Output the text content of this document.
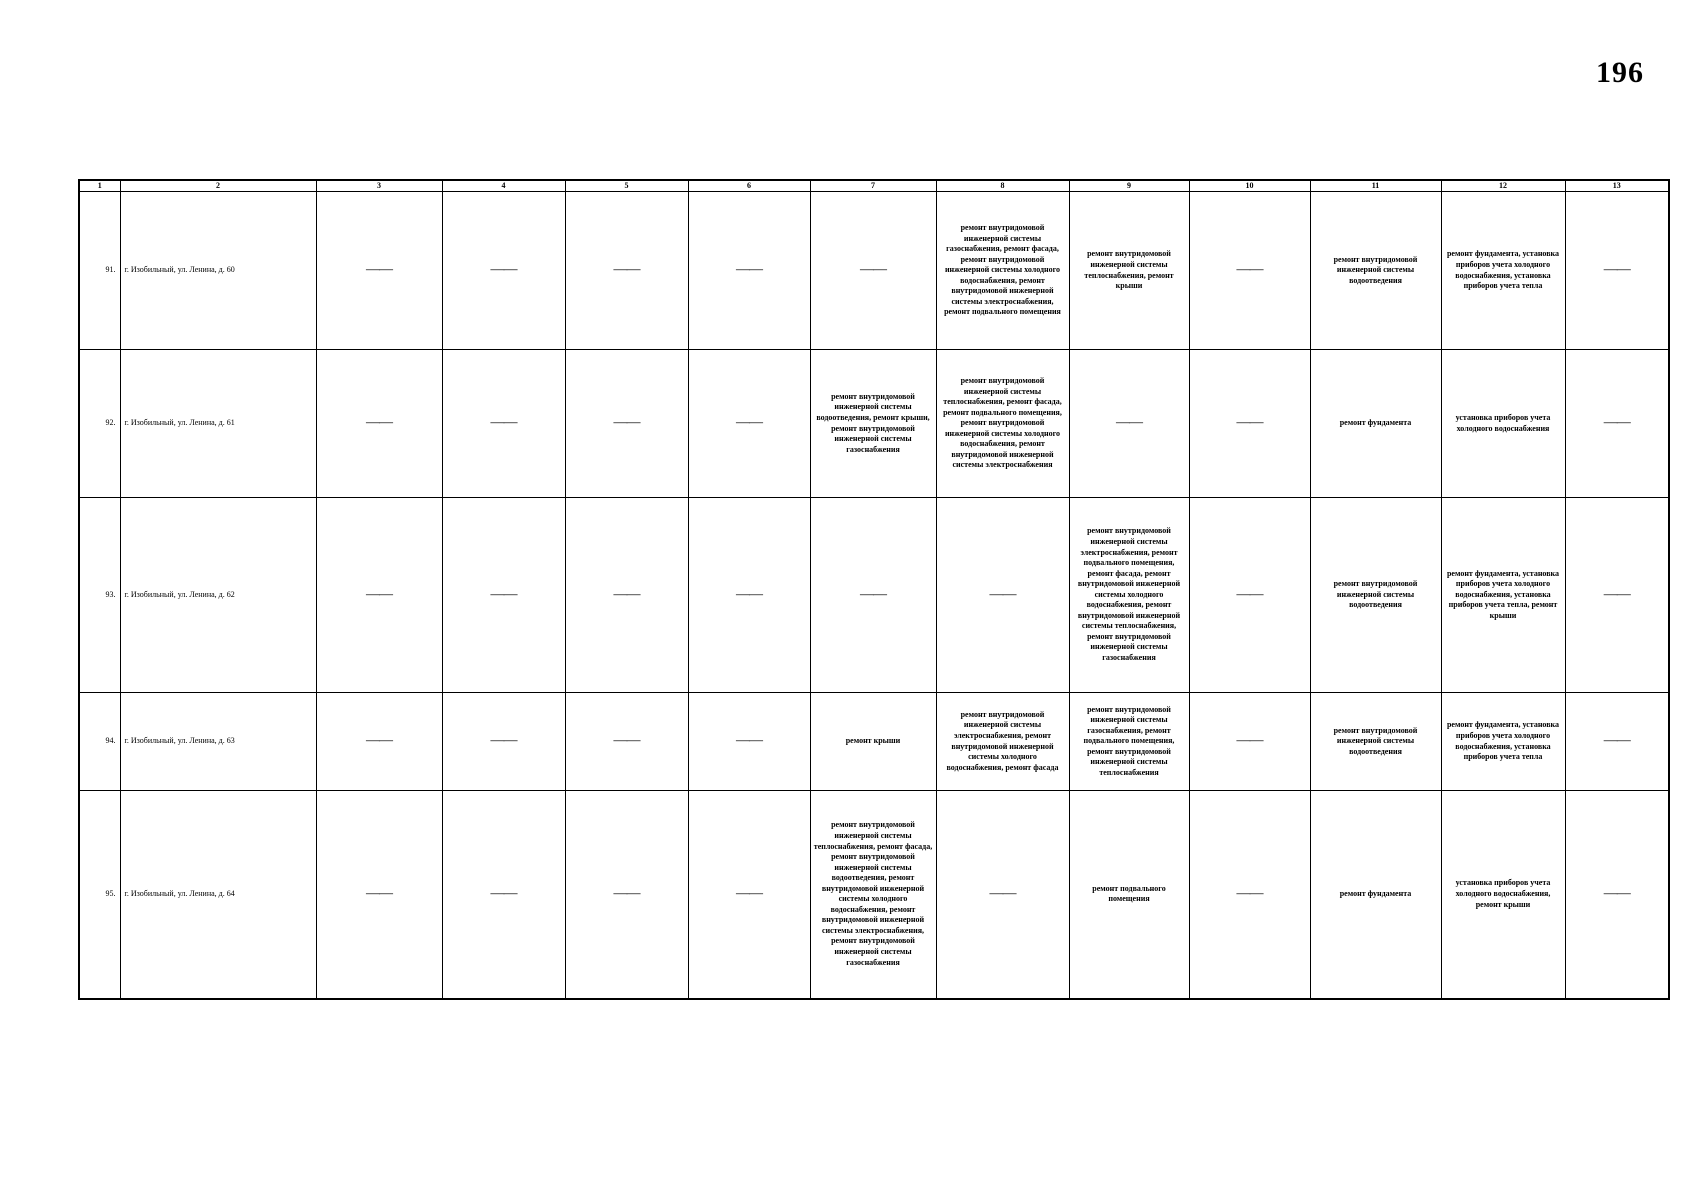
196
1	2	3	4	5	6	7	8	9	10	11	12	13
91.	г. Изобильный, ул. Ленина, д. 60	——	——	——	——	——	ремонт внутридомовой инженерной системы газоснабжения, ремонт фасада, ремонт внутридомовой инженерной системы холодного водоснабжения, ремонт внутридомовой инженерной системы электроснабжения, ремонт подвального помещения	ремонт внутридомовой инженерной системы теплоснабжения, ремонт крыши	——	ремонт внутридомовой инженерной системы водоотведения	ремонт фундамента, установка приборов учета холодного водоснабжения, установка приборов учета тепла	——
92.	г. Изобильный, ул. Ленина, д. 61	——	——	——	——	ремонт внутридомовой инженерной системы водоотведения, ремонт крыши, ремонт внутридомовой инженерной системы газоснабжения	ремонт внутридомовой инженерной системы теплоснабжения, ремонт фасада, ремонт подвального помещения, ремонт внутридомовой инженерной системы холодного водоснабжения, ремонт внутридомовой инженерной системы электроснабжения	——	——	ремонт фундамента	установка приборов учета холодного водоснабжения	——
93.	г. Изобильный, ул. Ленина, д. 62	——	——	——	——	——	——	ремонт внутридомовой инженерной системы электроснабжения, ремонт подвального помещения, ремонт фасада, ремонт внутридомовой инженерной системы холодного водоснабжения, ремонт внутридомовой инженерной системы теплоснабжения, ремонт внутридомовой инженерной системы газоснабжения	——	ремонт внутридомовой инженерной системы водоотведения	ремонт фундамента, установка приборов учета холодного водоснабжения, установка приборов учета тепла, ремонт крыши	——
94.	г. Изобильный, ул. Ленина, д. 63	——	——	——	——	ремонт крыши	ремонт внутридомовой инженерной системы электроснабжения, ремонт внутридомовой инженерной системы холодного водоснабжения, ремонт фасада	ремонт внутридомовой инженерной системы газоснабжения, ремонт подвального помещения, ремонт внутридомовой инженерной системы теплоснабжения	——	ремонт внутридомовой инженерной системы водоотведения	ремонт фундамента, установка приборов учета холодного водоснабжения, установка приборов учета тепла	——
95.	г. Изобильный, ул. Ленина, д. 64	——	——	——	——	ремонт внутридомовой инженерной системы теплоснабжения, ремонт фасада, ремонт внутридомовой инженерной системы водоотведения, ремонт внутридомовой инженерной системы холодного водоснабжения, ремонт внутридомовой инженерной системы электроснабжения, ремонт внутридомовой инженерной системы газоснабжения	——	ремонт подвального помещения	——	ремонт фундамента	установка приборов учета холодного водоснабжения, ремонт крыши	——
